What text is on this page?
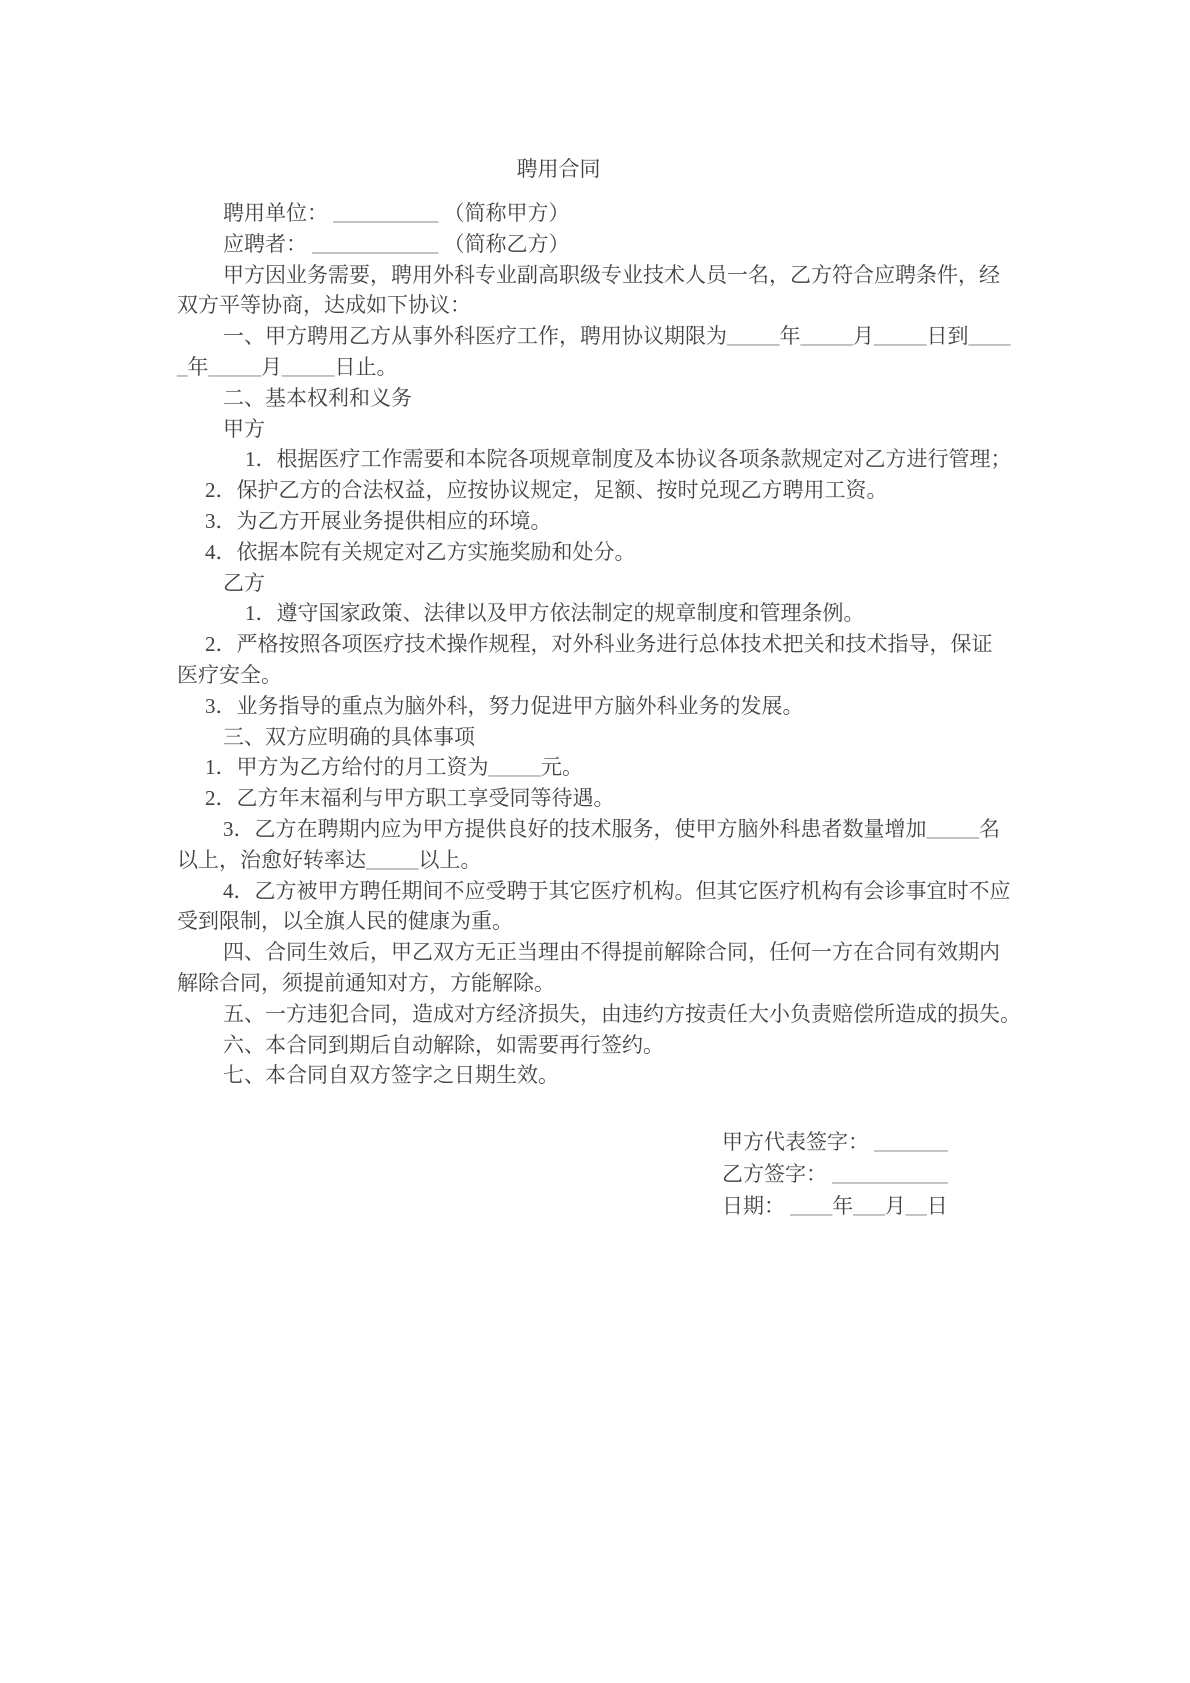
聘用合同
聘用单位： __________ （简称甲方）
应聘者： ____________ （简称乙方）
甲方因业务需要，聘用外科专业副高职级专业技术人员一名，乙方符合应聘条件，经
双方平等协商，达成如下协议：
一、甲方聘用乙方从事外科医疗工作，聘用协议期限为_____年_____月_____日到____
_年_____月_____日止。
二、基本权利和义务
甲方
1．根据医疗工作需要和本院各项规章制度及本协议各项条款规定对乙方进行管理；
2．保护乙方的合法权益，应按协议规定，足额、按时兑现乙方聘用工资。
3．为乙方开展业务提供相应的环境。
4．依据本院有关规定对乙方实施奖励和处分。
乙方
1．遵守国家政策、法律以及甲方依法制定的规章制度和管理条例。
2．严格按照各项医疗技术操作规程，对外科业务进行总体技术把关和技术指导，保证
医疗安全。
3．业务指导的重点为脑外科，努力促进甲方脑外科业务的发展。
三、双方应明确的具体事项
1．甲方为乙方给付的月工资为_____元。
2．乙方年末福利与甲方职工享受同等待遇。
3．乙方在聘期内应为甲方提供良好的技术服务，使甲方脑外科患者数量增加_____名
以上，治愈好转率达_____以上。
4．乙方被甲方聘任期间不应受聘于其它医疗机构。但其它医疗机构有会诊事宜时不应
受到限制，以全旗人民的健康为重。
四、合同生效后，甲乙双方无正当理由不得提前解除合同，任何一方在合同有效期内
解除合同，须提前通知对方，方能解除。
五、一方违犯合同，造成对方经济损失，由违约方按责任大小负责赔偿所造成的损失。
六、本合同到期后自动解除，如需要再行签约。
七、本合同自双方签字之日期生效。
甲方代表签字： _______
乙方签字： ___________
日期： ____年___月__日
